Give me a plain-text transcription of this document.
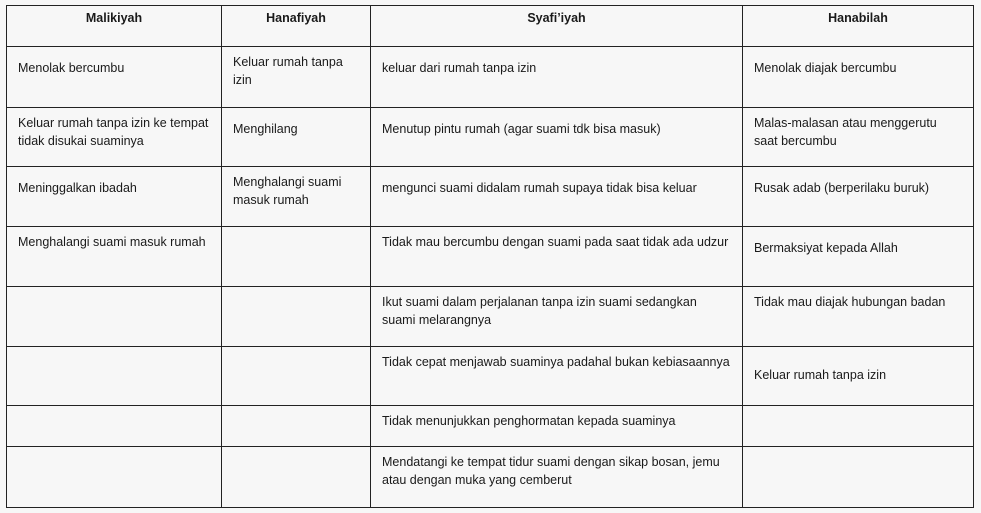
Malikiyah	Hanafiyah	Syafi’iyah	Hanabilah
Menolak bercumbu	Keluar rumah tanpa izin	keluar dari rumah tanpa izin	Menolak diajak bercumbu
Keluar rumah tanpa izin ke tempat tidak disukai suaminya	Menghilang	Menutup pintu rumah (agar suami tdk bisa masuk)	Malas-malasan atau menggerutu saat bercumbu
Meninggalkan ibadah	Menghalangi suami masuk rumah	mengunci suami didalam rumah supaya tidak bisa keluar	Rusak adab (berperilaku buruk)
Menghalangi suami masuk rumah		Tidak mau bercumbu dengan suami pada saat tidak ada udzur	Bermaksiyat kepada Allah
		Ikut suami dalam perjalanan tanpa izin suami sedangkan suami melarangnya	Tidak mau diajak hubungan badan
		Tidak cepat menjawab suaminya padahal bukan kebiasaannya	Keluar rumah tanpa izin
		Tidak menunjukkan penghormatan kepada suaminya	
		Mendatangi ke tempat tidur suami dengan sikap bosan, jemu atau dengan muka yang cemberut	
